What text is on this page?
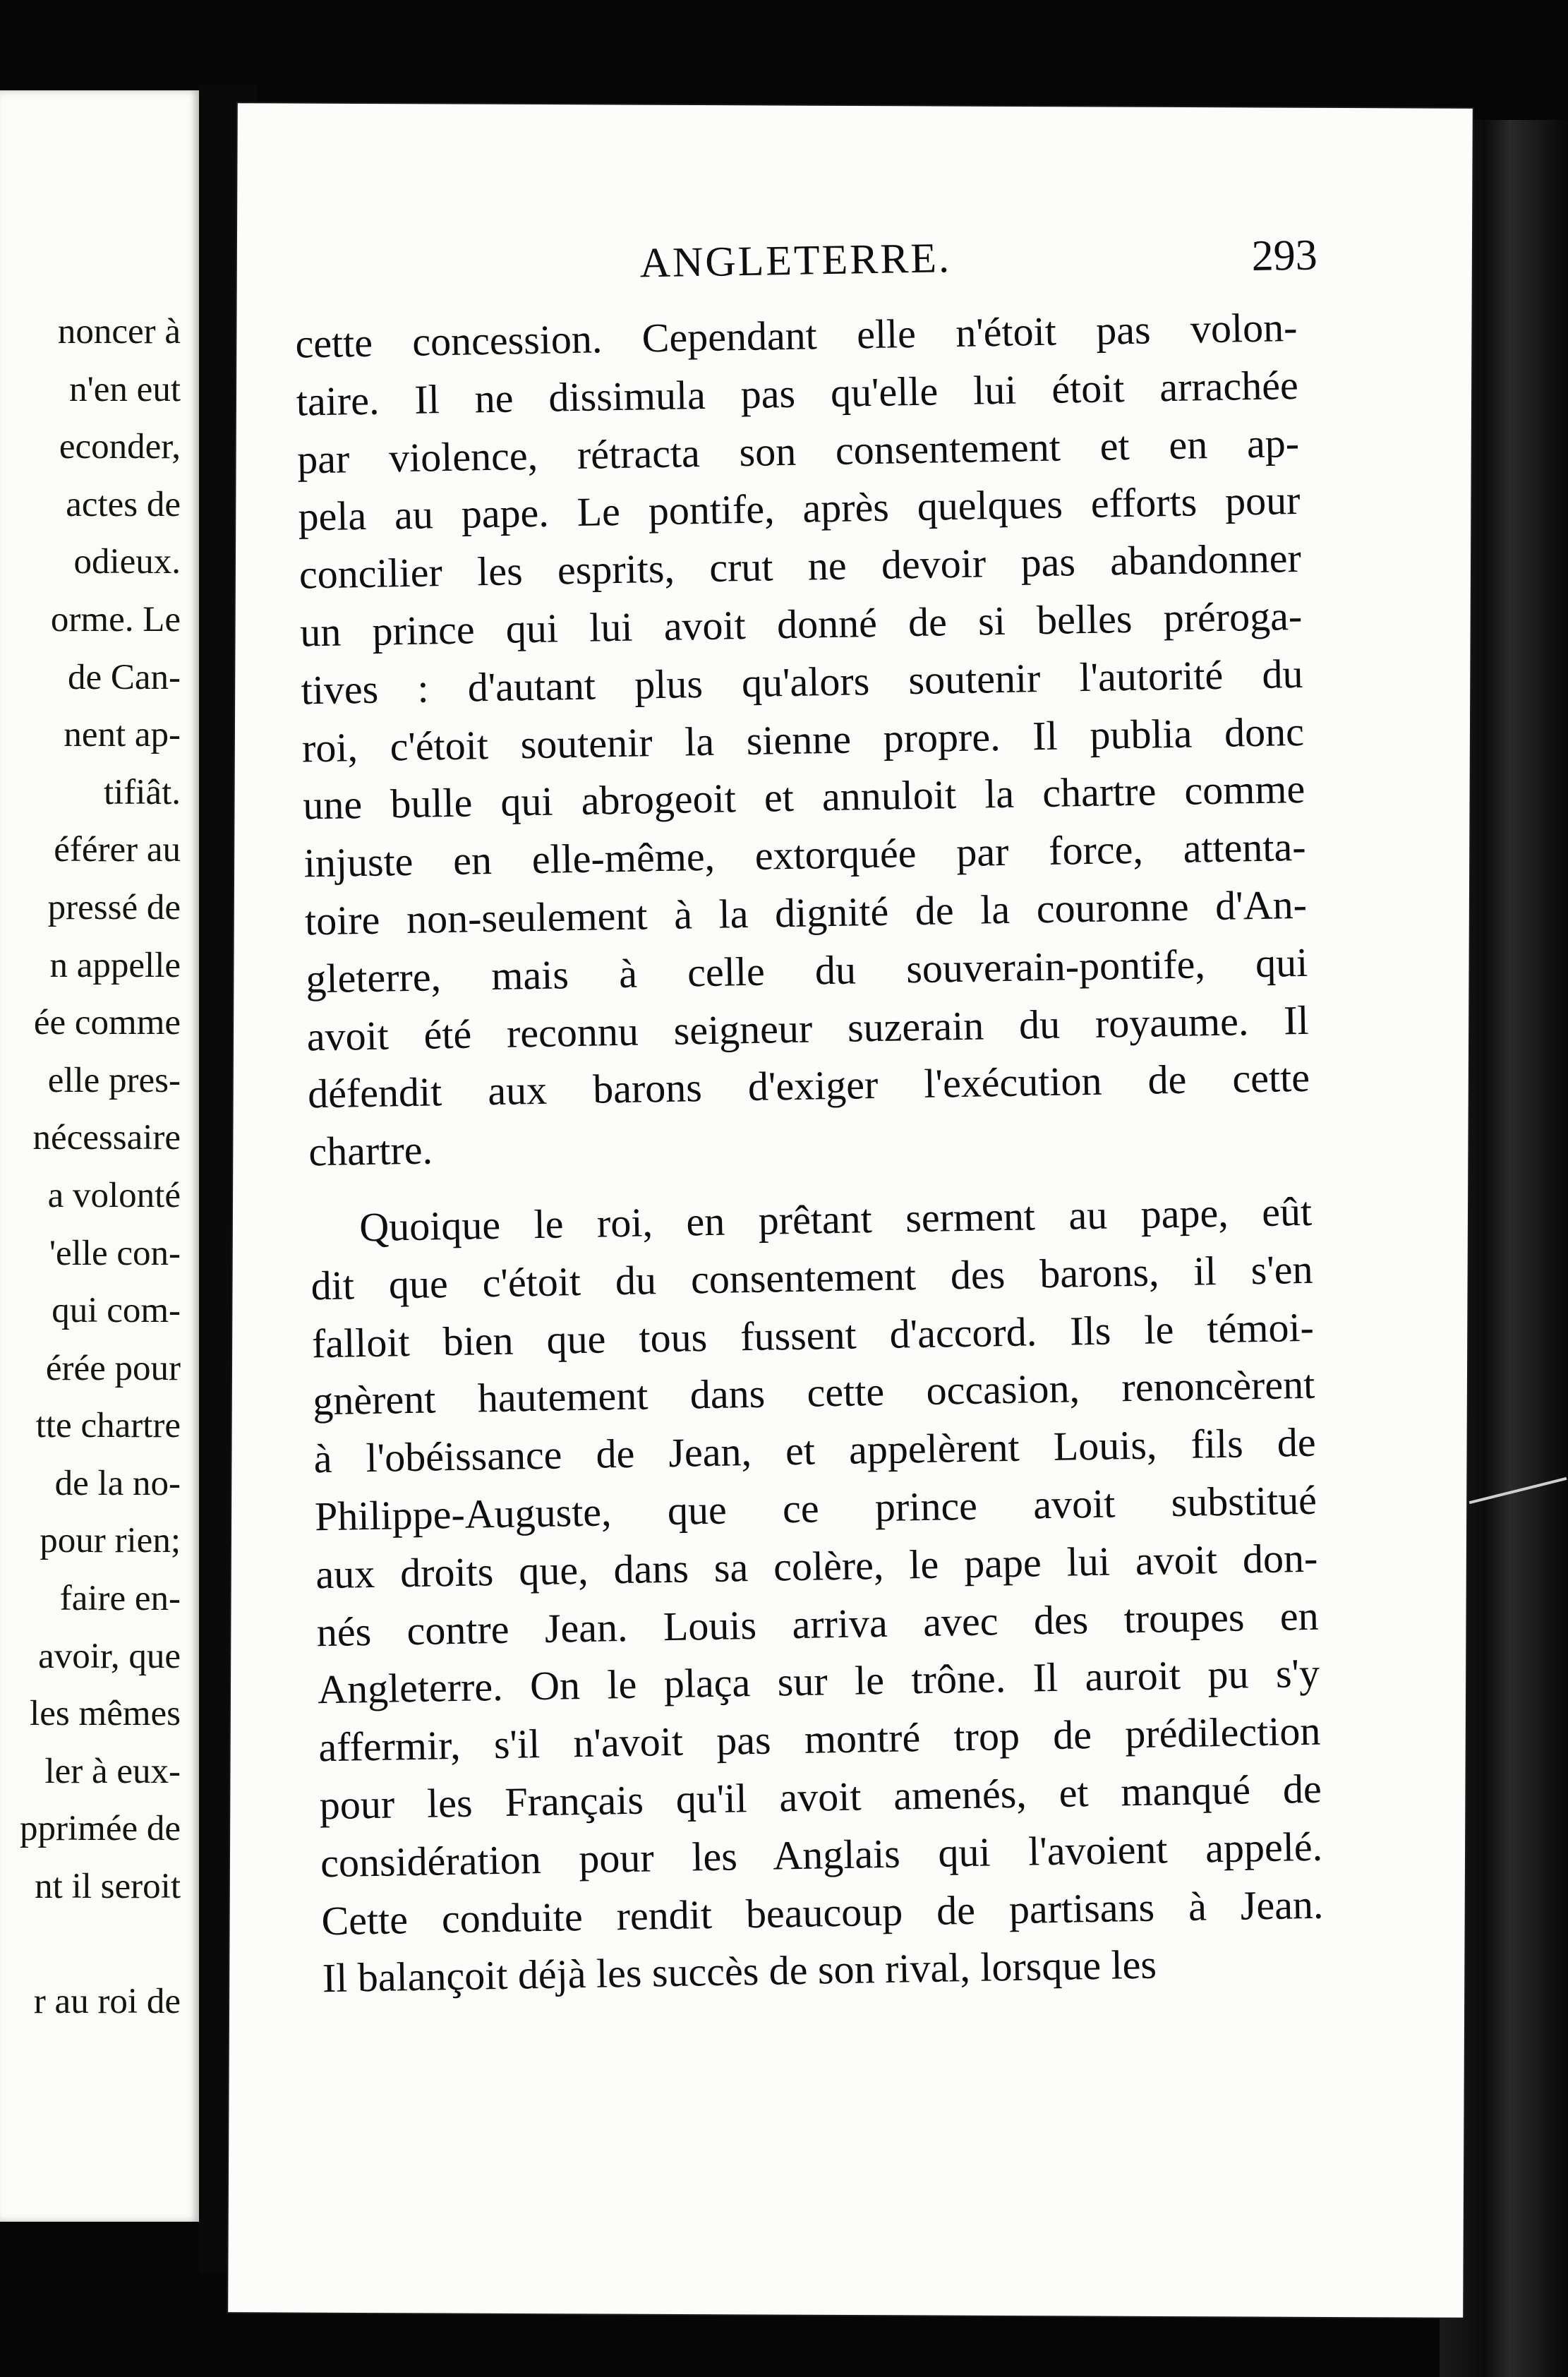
noncer à
n'en eut
econder,
actes de
odieux.
orme. Le
de Can-
nent ap-
tifiât.
éférer au
pressé de
n appelle
ée comme
elle pres-
nécessaire
a volonté
'elle con-
qui com-
érée pour
tte chartre
de la no-
pour rien;
faire en-
avoir, que
les mêmes
ler à eux-
pprimée de
nt il seroit
r au roi de
ANGLETERRE.	293
cette concession. Cependant elle n'étoit pas volon-
taire. Il ne dissimula pas qu'elle lui étoit arrachée
par violence, rétracta son consentement et en ap-
pela au pape. Le pontife, après quelques efforts pour
concilier les esprits, crut ne devoir pas abandonner
un prince qui lui avoit donné de si belles préroga-
tives : d'autant plus qu'alors soutenir l'autorité du
roi, c'étoit soutenir la sienne propre. Il publia donc
une bulle qui abrogeoit et annuloit la chartre comme
injuste en elle-même, extorquée par force, attenta-
toire non-seulement à la dignité de la couronne d'An-
gleterre, mais à celle du souverain-pontife, qui
avoit été reconnu seigneur suzerain du royaume. Il
défendit aux barons d'exiger l'exécution de cette
chartre.
Quoique le roi, en prêtant serment au pape, eût
dit que c'étoit du consentement des barons, il s'en
falloit bien que tous fussent d'accord. Ils le témoi-
gnèrent hautement dans cette occasion, renoncèrent
à l'obéissance de Jean, et appelèrent Louis, fils de
Philippe-Auguste, que ce prince avoit substitué
aux droits que, dans sa colère, le pape lui avoit don-
nés contre Jean. Louis arriva avec des troupes en
Angleterre. On le plaça sur le trône. Il auroit pu s'y
affermir, s'il n'avoit pas montré trop de prédilection
pour les Français qu'il avoit amenés, et manqué de
considération pour les Anglais qui l'avoient appelé.
Cette conduite rendit beaucoup de partisans à Jean.
Il balançoit déjà les succès de son rival, lorsque les
